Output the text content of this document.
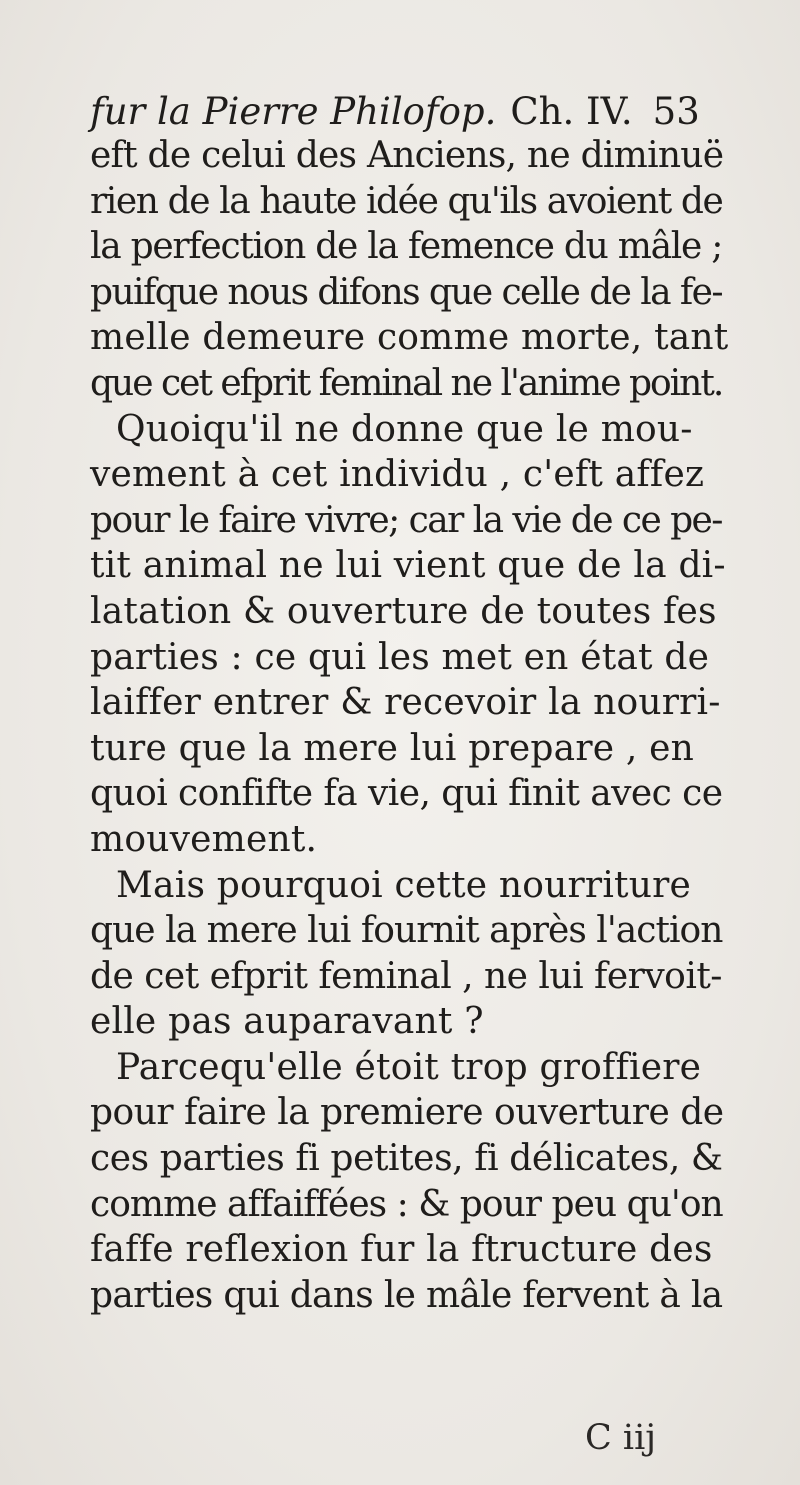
fur la Pierre Philofop. Ch. IV. 53
eft de celui des Anciens, ne diminuë
rien de la haute idée qu'ils avoient de
la perfection de la femence du mâle ;
puifque nous difons que celle de la fe-
melle demeure comme morte, tant
que cet efprit feminal ne l'anime point.
Quoiqu'il ne donne que le mou-
vement à cet individu , c'eft affez
pour le faire vivre; car la vie de ce pe-
tit animal ne lui vient que de la di-
latation & ouverture de toutes fes
parties : ce qui les met en état de
laiffer entrer & recevoir la nourri-
ture que la mere lui prepare , en
quoi confifte fa vie, qui finit avec ce
mouvement.
Mais pourquoi cette nourriture
que la mere lui fournit après l'action
de cet efprit feminal , ne lui fervoit-
elle pas auparavant ?
Parcequ'elle étoit trop groffiere
pour faire la premiere ouverture de
ces parties fi petites, fi délicates, &
comme affaiffées : & pour peu qu'on
faffe reflexion fur la ftructure des
parties qui dans le mâle fervent à la
C iij
